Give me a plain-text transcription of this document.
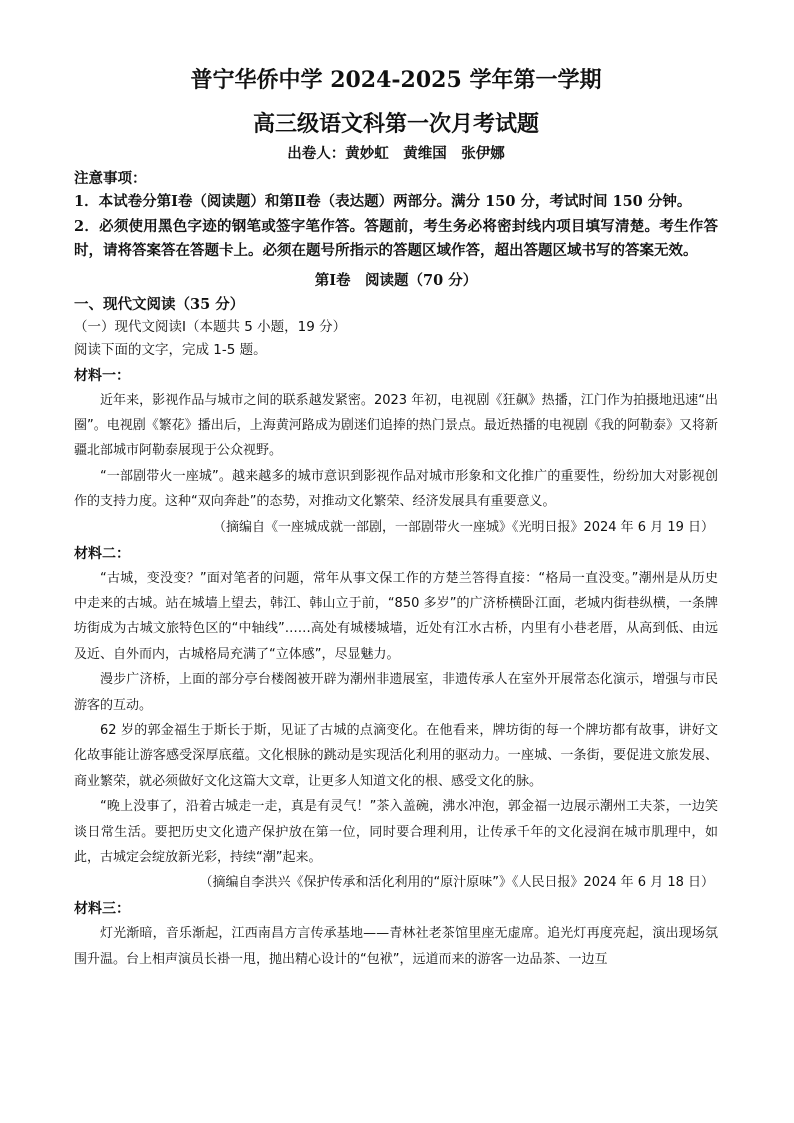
普宁华侨中学 2024-2025 学年第一学期
高三级语文科第一次月考试题
出卷人：黄妙虹　黄维国　张伊娜
注意事项：

1．本试卷分第Ⅰ卷（阅读题）和第Ⅱ卷（表达题）两部分。满分 150 分，考试时间 150 分钟。

2．必须使用黑色字迹的钢笔或签字笔作答。答题前，考生务必将密封线内项目填写清楚。考生作答时，请将答案答在答题卡上。必须在题号所指示的答题区域作答，超出答题区域书写的答案无效。

第Ⅰ卷　阅读题（70 分）
一、现代文阅读（35 分）
（一）现代文阅读Ⅰ（本题共 5 小题，19 分）
阅读下面的文字，完成 1-5 题。
材料一：

近年来，影视作品与城市之间的联系越发紧密。2023 年初，电视剧《狂飙》热播，江门作为拍摄地迅速“出圈”。电视剧《繁花》播出后，上海黄河路成为剧迷们追捧的热门景点。最近热播的电视剧《我的阿勒泰》又将新疆北部城市阿勒泰展现于公众视野。

“一部剧带火一座城”。越来越多的城市意识到影视作品对城市形象和文化推广的重要性，纷纷加大对影视创作的支持力度。这种“双向奔赴”的态势，对推动文化繁荣、经济发展具有重要意义。

（摘编自《一座城成就一部剧，一部剧带火一座城》《光明日报》2024 年 6 月 19 日）
材料二：

“古城，变没变？”面对笔者的问题，常年从事文保工作的方楚兰答得直接：“格局一直没变。”潮州是从历史中走来的古城。站在城墙上望去，韩江、韩山立于前，“850 多岁”的广济桥横卧江面，老城内街巷纵横，一条牌坊街成为古城文旅特色区的“中轴线”……高处有城楼城墙，近处有江水古桥，内里有小巷老厝，从高到低、由远及近、自外而内，古城格局充满了“立体感”，尽显魅力。

漫步广济桥，上面的部分亭台楼阁被开辟为潮州非遗展室，非遗传承人在室外开展常态化演示，增强与市民游客的互动。

62 岁的郭金福生于斯长于斯，见证了古城的点滴变化。在他看来，牌坊街的每一个牌坊都有故事，讲好文化故事能让游客感受深厚底蕴。文化根脉的跳动是实现活化利用的驱动力。一座城、一条街，要促进文旅发展、商业繁荣，就必须做好文化这篇大文章，让更多人知道文化的根、感受文化的脉。

“晚上没事了，沿着古城走一走，真是有灵气！”茶入盖碗，沸水冲泡，郭金福一边展示潮州工夫茶，一边笑谈日常生活。要把历史文化遗产保护放在第一位，同时要合理利用，让传承千年的文化浸润在城市肌理中，如此，古城定会绽放新光彩，持续“潮”起来。

（摘编自李洪兴《保护传承和活化利用的“原汁原味”》《人民日报》2024 年 6 月 18 日）
材料三：

灯光渐暗，音乐渐起，江西南昌方言传承基地——青林社老茶馆里座无虚席。追光灯再度亮起，演出现场氛围升温。台上相声演员长褂一甩，抛出精心设计的“包袱”，远道而来的游客一边品茶、一边互
